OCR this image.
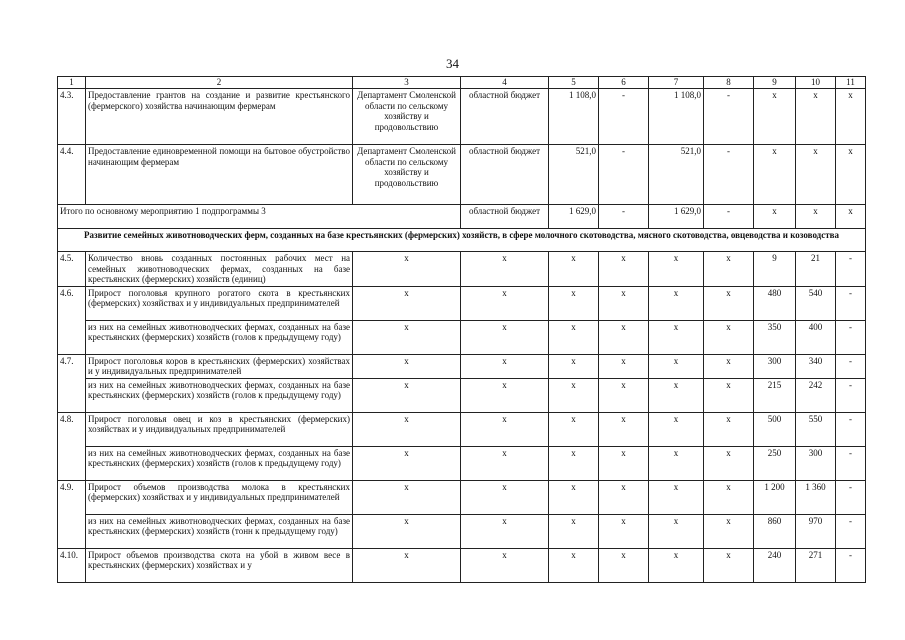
34
1	2	3	4	5	6	7	8	9	10	11
4.3.	Предоставление грантов на создание и развитие крестьянского (фермерского) хозяйства начинающим фермерам	Департамент Смоленской области по сельскому хозяйству и продовольствию	областной бюджет	1 108,0	-	1 108,0	-	x	x	x
4.4.	Предоставление единовременной помощи на бытовое обустройство начинающим фермерам	Департамент Смоленской области по сельскому хозяйству и продовольствию	областной бюджет	521,0	-	521,0	-	x	x	x
Итого по основному мероприятию 1 подпрограммы 3			областной бюджет	1 629,0	-	1 629,0	-	x	x	x
Развитие семейных животноводческих ферм, созданных на базе крестьянских (фермерских) хозяйств, в сфере молочного скотоводства, мясного скотоводства, овцеводства и козоводства										
4.5.	Количество вновь созданных постоянных рабочих мест на семейных животноводческих фермах, созданных на базе крестьянских (фермерских) хозяйств (единиц)	x	x	x	x	x	x	9	21	-
4.6.	Прирост поголовья крупного рогатого скота в крестьянских (фермерских) хозяйствах и у индивидуальных предпринимателей	x	x	x	x	x	x	480	540	-
	из них на семейных животноводческих фермах, созданных на базе крестьянских (фермерских) хозяйств (голов к предыдущему году)	x	x	x	x	x	x	350	400	-
4.7.	Прирост поголовья коров в крестьянских (фермерских) хозяйствах и у индивидуальных предпринимателей	x	x	x	x	x	x	300	340	-
	из них на семейных животноводческих фермах, созданных на базе крестьянских (фермерских) хозяйств (голов к предыдущему году)	x	x	x	x	x	x	215	242	-
4.8.	Прирост поголовья овец и коз в крестьянских (фермерских) хозяйствах и у индивидуальных предпринимателей	x	x	x	x	x	x	500	550	-
	из них на семейных животноводческих фермах, созданных на базе крестьянских (фермерских) хозяйств (голов к предыдущему году)	x	x	x	x	x	x	250	300	-
4.9.	Прирост объемов производства молока в крестьянских (фермерских) хозяйствах и у индивидуальных предпринимателей	x	x	x	x	x	x	1 200	1 360	-
	из них на семейных животноводческих фермах, созданных на базе крестьянских (фермерских) хозяйств (тонн к предыдущему году)	x	x	x	x	x	x	860	970	-
4.10.	Прирост объемов производства скота на убой в живом весе в крестьянских (фермерских) хозяйствах и у	x	x	x	x	x	x	240	271	-
